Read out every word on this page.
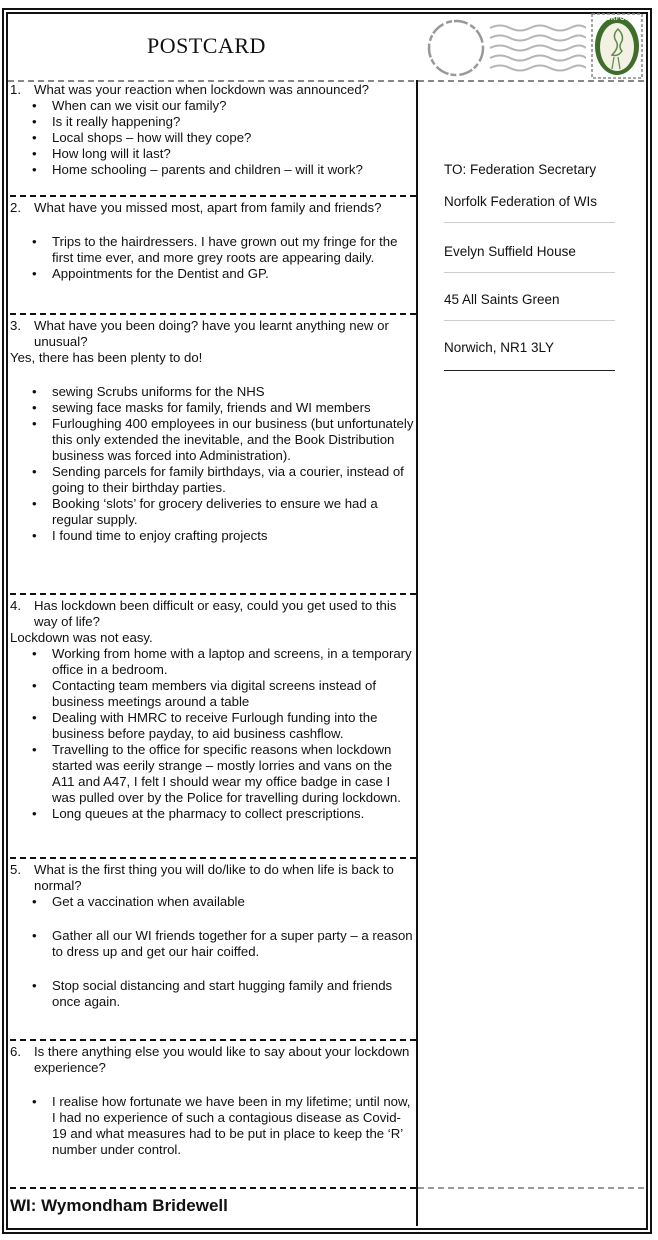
POSTCARD
NORFOLK

1. What was your reaction when lockdown was announced?

• When can we visit our family?
• Is it really happening?
• Local shops – how will they cope?
• How long will it last?
• Home schooling – parents and children – will it work?

2. What have you missed most, apart from family and friends?

• Trips to the hairdressers. I have grown out my fringe for the first time ever, and more grey roots are appearing daily.
• Appointments for the Dentist and GP.

3. What have you been doing? have you learnt anything new or unusual?

Yes, there has been plenty to do!

• sewing Scrubs uniforms for the NHS
• sewing face masks for family, friends and WI members
• Furloughing 400 employees in our business (but unfortunately this only extended the inevitable, and the Book Distribution business was forced into Administration).
• Sending parcels for family birthdays, via a courier, instead of going to their birthday parties.
• Booking ‘slots’ for grocery deliveries to ensure we had a regular supply.
• I found time to enjoy crafting projects

4. Has lockdown been difficult or easy, could you get used to this way of life?

Lockdown was not easy.

• Working from home with a laptop and screens, in a temporary office in a bedroom.
• Contacting team members via digital screens instead of business meetings around a table
• Dealing with HMRC to receive Furlough funding into the business before payday, to aid business cashflow.
• Travelling to the office for specific reasons when lockdown started was eerily strange – mostly lorries and vans on the A11 and A47, I felt I should wear my office badge in case I was pulled over by the Police for travelling during lockdown.
• Long queues at the pharmacy to collect prescriptions.

5. What is the first thing you will do/like to do when life is back to normal?

• Get a vaccination when available
• Gather all our WI friends together for a super party – a reason to dress up and get our hair coiffed.
• Stop social distancing and start hugging family and friends once again.

6. Is there anything else you would like to say about your lockdown experience?

• I realise how fortunate we have been in my lifetime; until now, I had no experience of such a contagious disease as Covid-19 and what measures had to be put in place to keep the ‘R’ number under control.
TO: Federation Secretary
Norfolk Federation of WIs
Evelyn Suffield House
45 All Saints Green
Norwich, NR1 3LY
WI: Wymondham Bridewell
